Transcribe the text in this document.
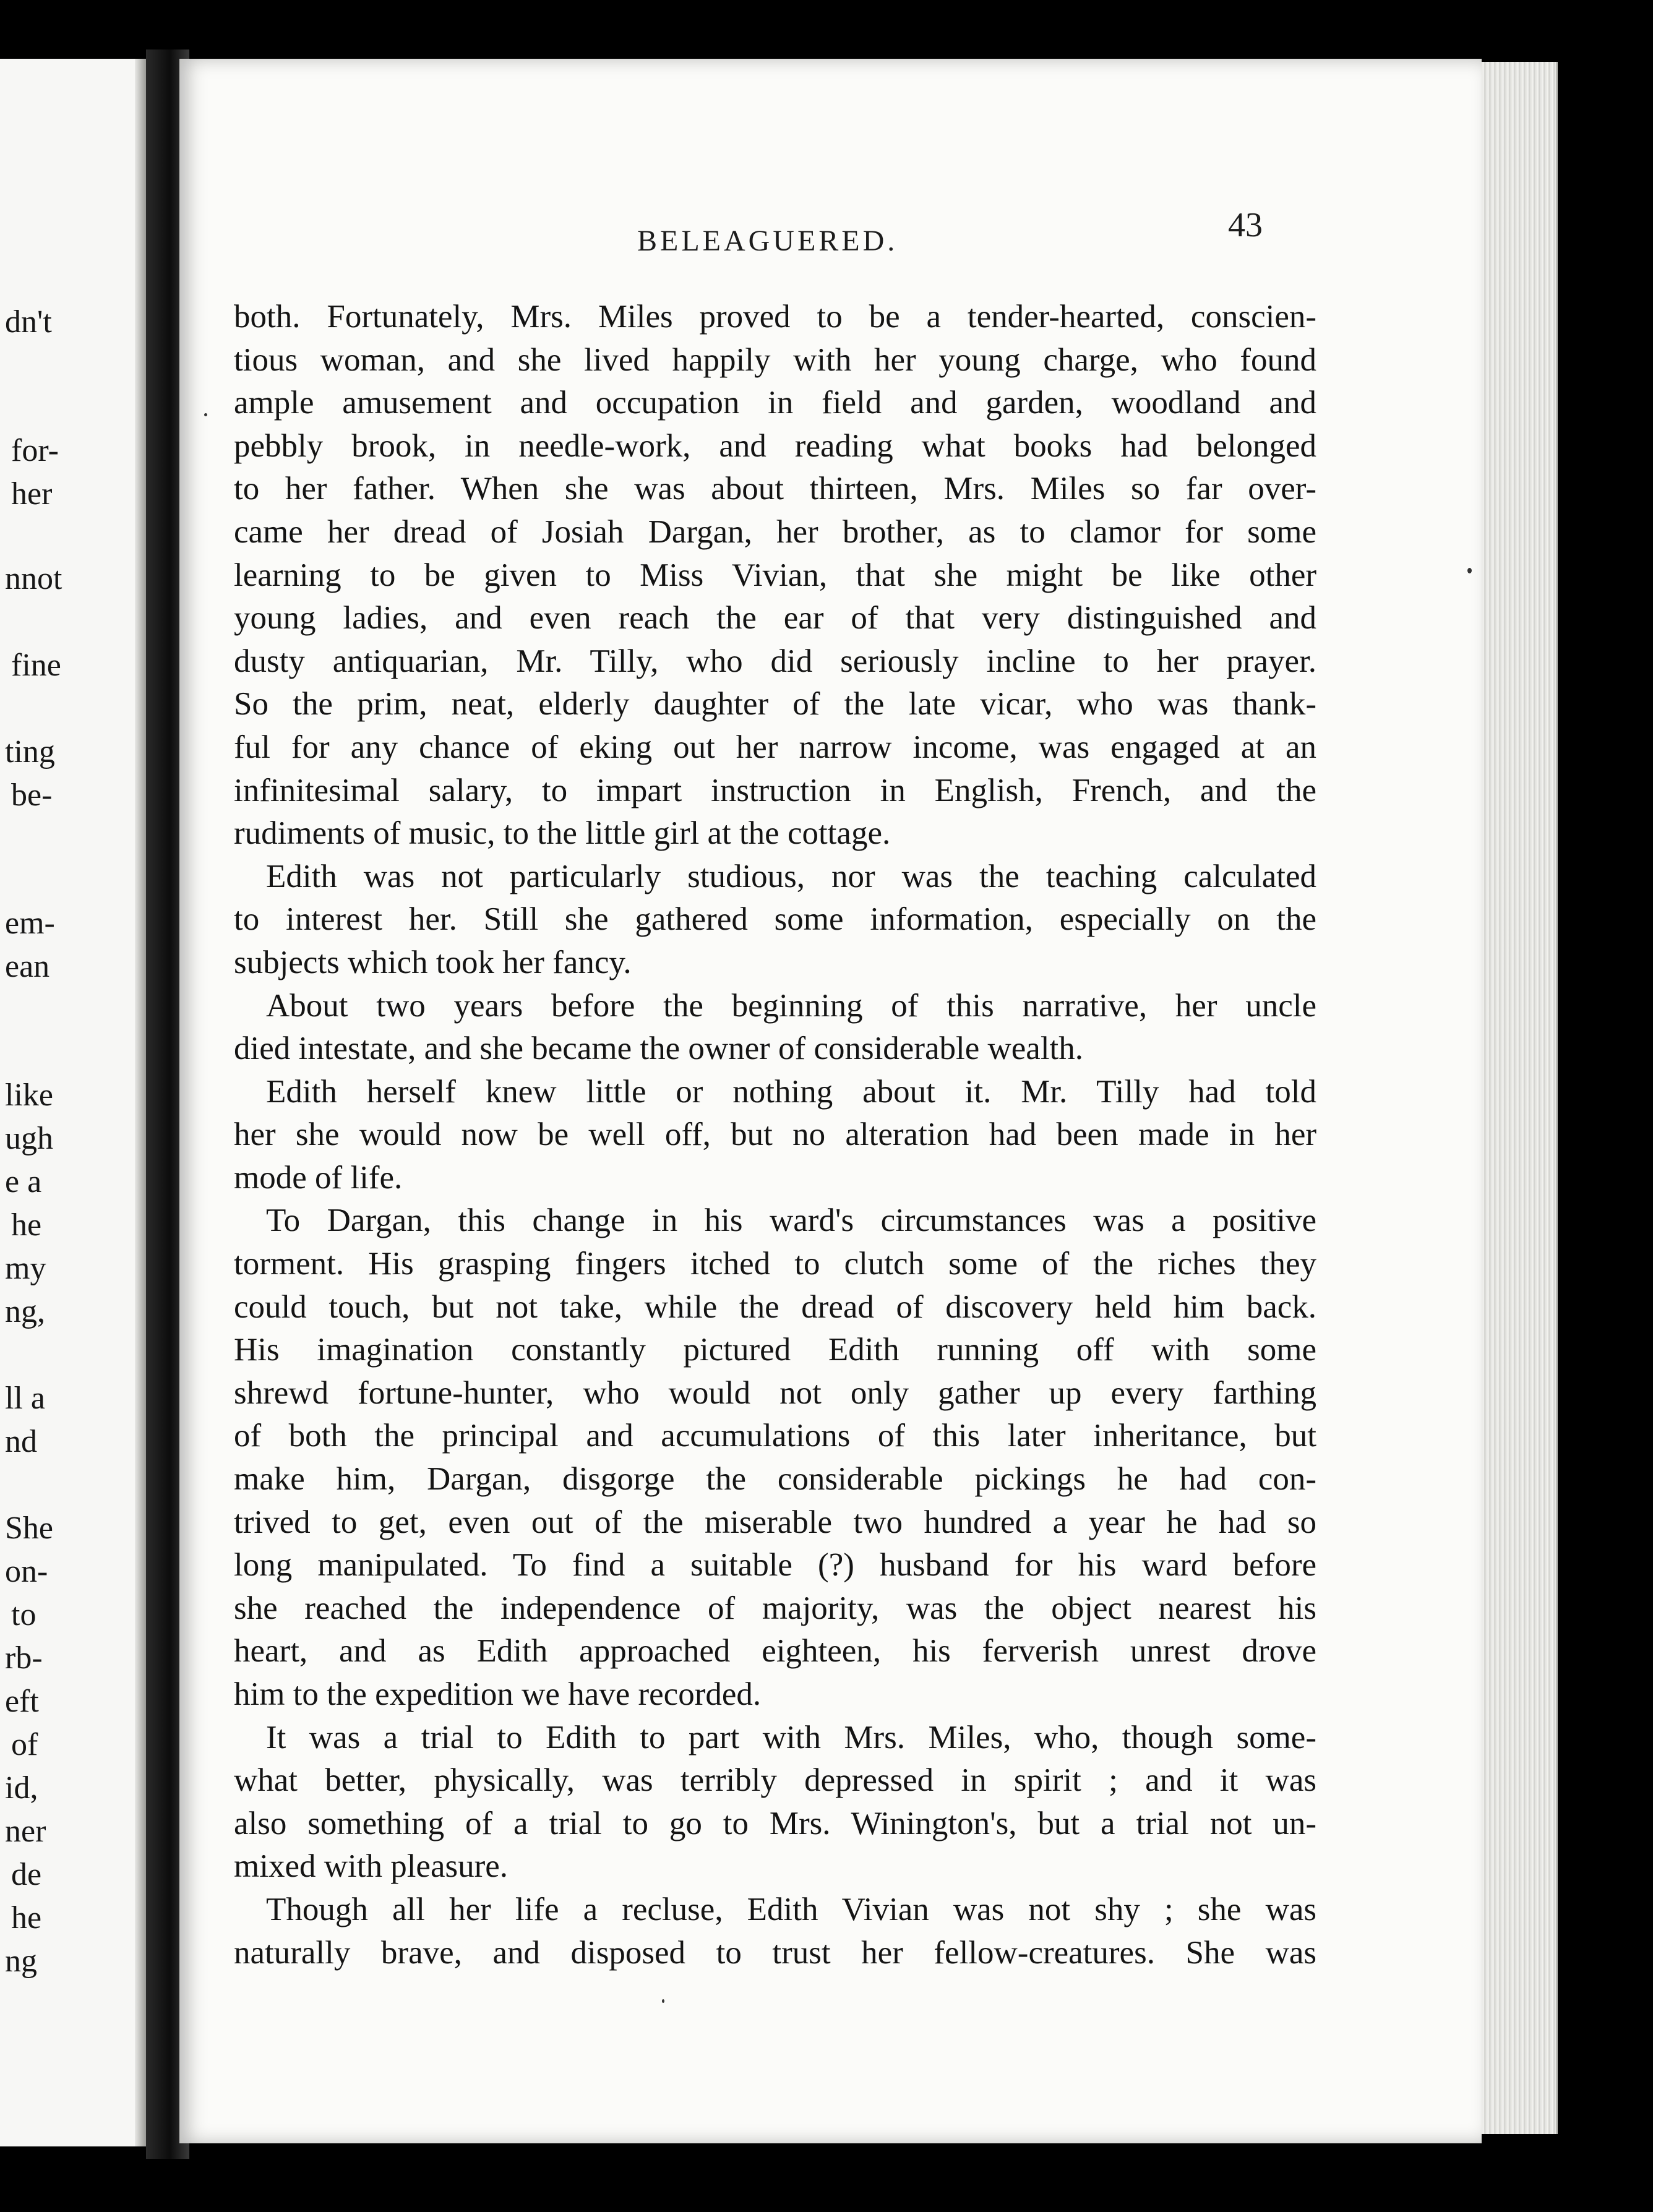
dn't
for-
her
nnot
fine
ting
be-
em-
ean
like
ugh
e a
he
my
ng,
ll a
nd
She
on-
to
rb-
eft
of
id,
ner
de
he
ng
BELEAGUERED.	43
both. Fortunately, Mrs. Miles proved to be a tender-hearted, conscien-
tious woman, and she lived happily with her young charge, who found
ample amusement and occupation in field and garden, woodland and
pebbly brook, in needle-work, and reading what books had belonged
to her father. When she was about thirteen, Mrs. Miles so far over-
came her dread of Josiah Dargan, her brother, as to clamor for some
learning to be given to Miss Vivian, that she might be like other
young ladies, and even reach the ear of that very distinguished and
dusty antiquarian, Mr. Tilly, who did seriously incline to her prayer.
So the prim, neat, elderly daughter of the late vicar, who was thank-
ful for any chance of eking out her narrow income, was engaged at an
infinitesimal salary, to impart instruction in English, French, and the
rudiments of music, to the little girl at the cottage.
Edith was not particularly studious, nor was the teaching calculated
to interest her. Still she gathered some information, especially on the
subjects which took her fancy.
About two years before the beginning of this narrative, her uncle
died intestate, and she became the owner of considerable wealth.
Edith herself knew little or nothing about it. Mr. Tilly had told
her she would now be well off, but no alteration had been made in her
mode of life.
To Dargan, this change in his ward's circumstances was a positive
torment. His grasping fingers itched to clutch some of the riches they
could touch, but not take, while the dread of discovery held him back.
His imagination constantly pictured Edith running off with some
shrewd fortune-hunter, who would not only gather up every farthing
of both the principal and accumulations of this later inheritance, but
make him, Dargan, disgorge the considerable pickings he had con-
trived to get, even out of the miserable two hundred a year he had so
long manipulated. To find a suitable (?) husband for his ward before
she reached the independence of majority, was the object nearest his
heart, and as Edith approached eighteen, his ferverish unrest drove
him to the expedition we have recorded.
It was a trial to Edith to part with Mrs. Miles, who, though some-
what better, physically, was terribly depressed in spirit ; and it was
also something of a trial to go to Mrs. Winington's, but a trial not un-
mixed with pleasure.
Though all her life a recluse, Edith Vivian was not shy ; she was
naturally brave, and disposed to trust her fellow-creatures. She was
